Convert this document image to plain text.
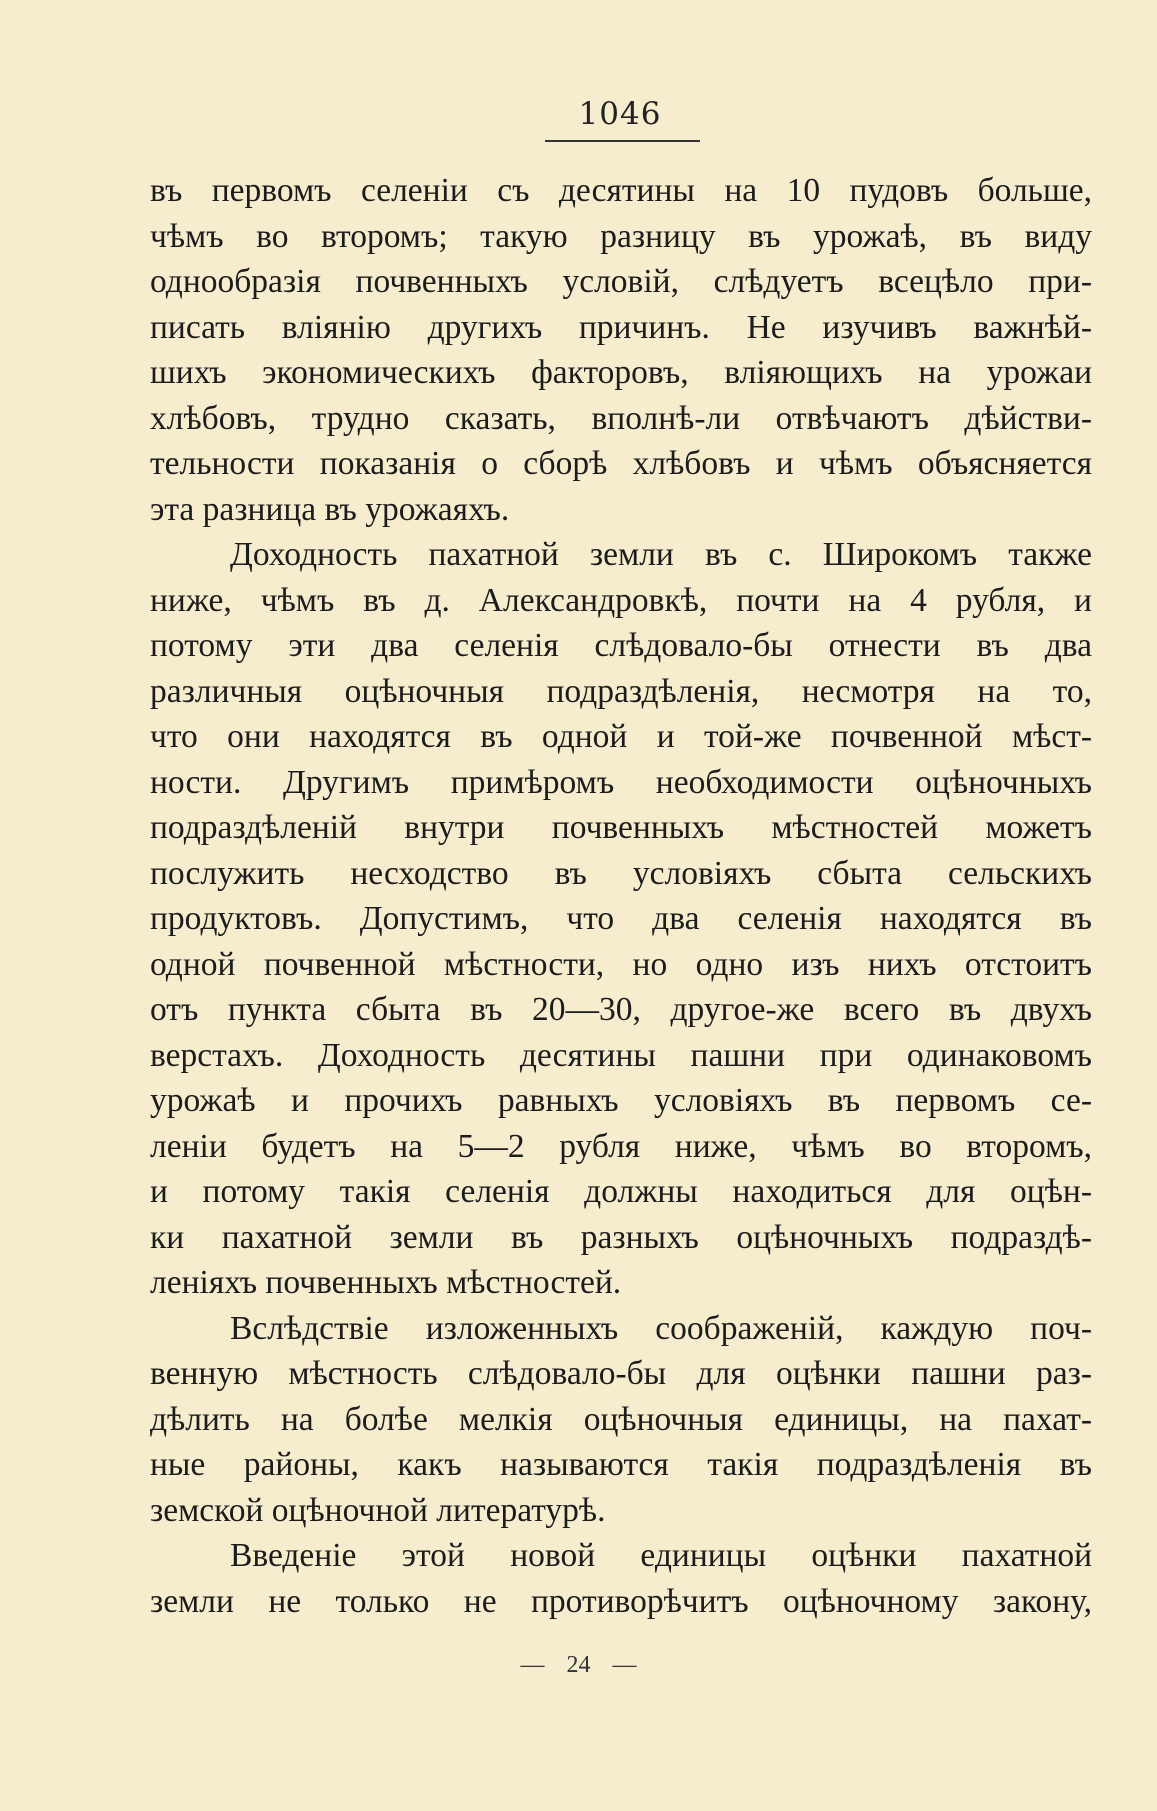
1046
въ первомъ селенiи съ десятины на 10 пудовъ больше,
чѣмъ во второмъ; такую разницу въ урожаѣ, въ виду
однообразiя почвенныхъ условiй, слѣдуетъ всецѣло при-
писать влiянiю другихъ причинъ. Не изучивъ важнѣй-
шихъ экономическихъ факторовъ, влiяющихъ на урожаи
хлѣбовъ, трудно сказать, вполнѣ-ли отвѣчаютъ дѣйстви-
тельности показанiя о сборѣ хлѣбовъ и чѣмъ объясняется
эта разница въ урожаяхъ.
Доходность пахатной земли въ с. Широкомъ также
ниже, чѣмъ въ д. Александровкѣ, почти на 4 рубля, и
потому эти два селенiя слѣдовало-бы отнести въ два
различныя оцѣночныя подраздѣленiя, несмотря на то,
что они находятся въ одной и той-же почвенной мѣст-
ности. Другимъ примѣромъ необходимости оцѣночныхъ
подраздѣленiй внутри почвенныхъ мѣстностей можетъ
послужить несходство въ условiяхъ сбыта сельскихъ
продуктовъ. Допустимъ, что два селенiя находятся въ
одной почвенной мѣстности, но одно изъ нихъ отстоитъ
отъ пункта сбыта въ 20—30, другое-же всего въ двухъ
верстахъ. Доходность десятины пашни при одинаковомъ
урожаѣ и прочихъ равныхъ условiяхъ въ первомъ се-
ленiи будетъ на 5—2 рубля ниже, чѣмъ во второмъ,
и потому такiя селенiя должны находиться для оцѣн-
ки пахатной земли въ разныхъ оцѣночныхъ подраздѣ-
ленiяхъ почвенныхъ мѣстностей.
Вслѣдствiе изложенныхъ соображенiй, каждую поч-
венную мѣстность слѣдовало-бы для оцѣнки пашни раз-
дѣлить на болѣе мелкiя оцѣночныя единицы, на пахат-
ные районы, какъ называются такiя подраздѣленiя въ
земской оцѣночной литературѣ.
Введенiе этой новой единицы оцѣнки пахатной
земли не только не противорѣчитъ оцѣночному закону,
— 24 —
